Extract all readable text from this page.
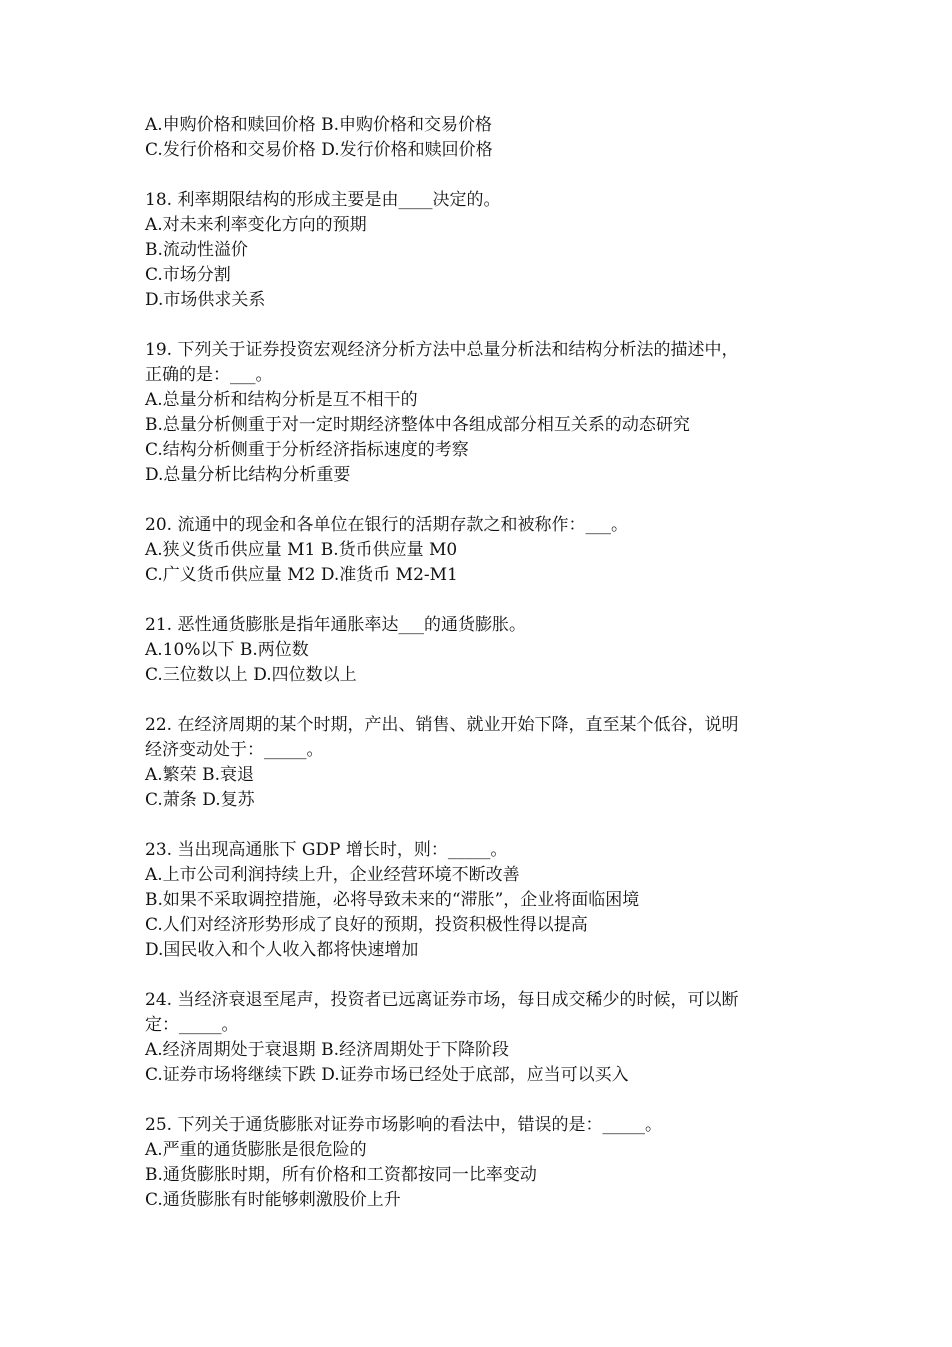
A.申购价格和赎回价格 B.申购价格和交易价格
C.发行价格和交易价格 D.发行价格和赎回价格
18. 利率期限结构的形成主要是由____决定的。
A.对未来利率变化方向的预期
B.流动性溢价
C.市场分割
D.市场供求关系
19. 下列关于证券投资宏观经济分析方法中总量分析法和结构分析法的描述中，
正确的是：___。
A.总量分析和结构分析是互不相干的
B.总量分析侧重于对一定时期经济整体中各组成部分相互关系的动态研究
C.结构分析侧重于分析经济指标速度的考察
D.总量分析比结构分析重要
20. 流通中的现金和各单位在银行的活期存款之和被称作：___。
A.狭义货币供应量 M1 B.货币供应量 M0
C.广义货币供应量 M2 D.准货币 M2-M1
21. 恶性通货膨胀是指年通胀率达___的通货膨胀。
A.10%以下 B.两位数
C.三位数以上 D.四位数以上
22. 在经济周期的某个时期，产出、销售、就业开始下降，直至某个低谷，说明
经济变动处于：_____。
A.繁荣 B.衰退
C.萧条 D.复苏
23. 当出现高通胀下 GDP 增长时，则：_____。
A.上市公司利润持续上升，企业经营环境不断改善
B.如果不采取调控措施，必将导致未来的“滞胀”，企业将面临困境
C.人们对经济形势形成了良好的预期，投资积极性得以提高
D.国民收入和个人收入都将快速增加
24. 当经济衰退至尾声，投资者已远离证券市场，每日成交稀少的时候，可以断
定：_____。
A.经济周期处于衰退期 B.经济周期处于下降阶段
C.证券市场将继续下跌 D.证券市场已经处于底部，应当可以买入
25. 下列关于通货膨胀对证券市场影响的看法中，错误的是：_____。
A.严重的通货膨胀是很危险的
B.通货膨胀时期，所有价格和工资都按同一比率变动
C.通货膨胀有时能够刺激股价上升
